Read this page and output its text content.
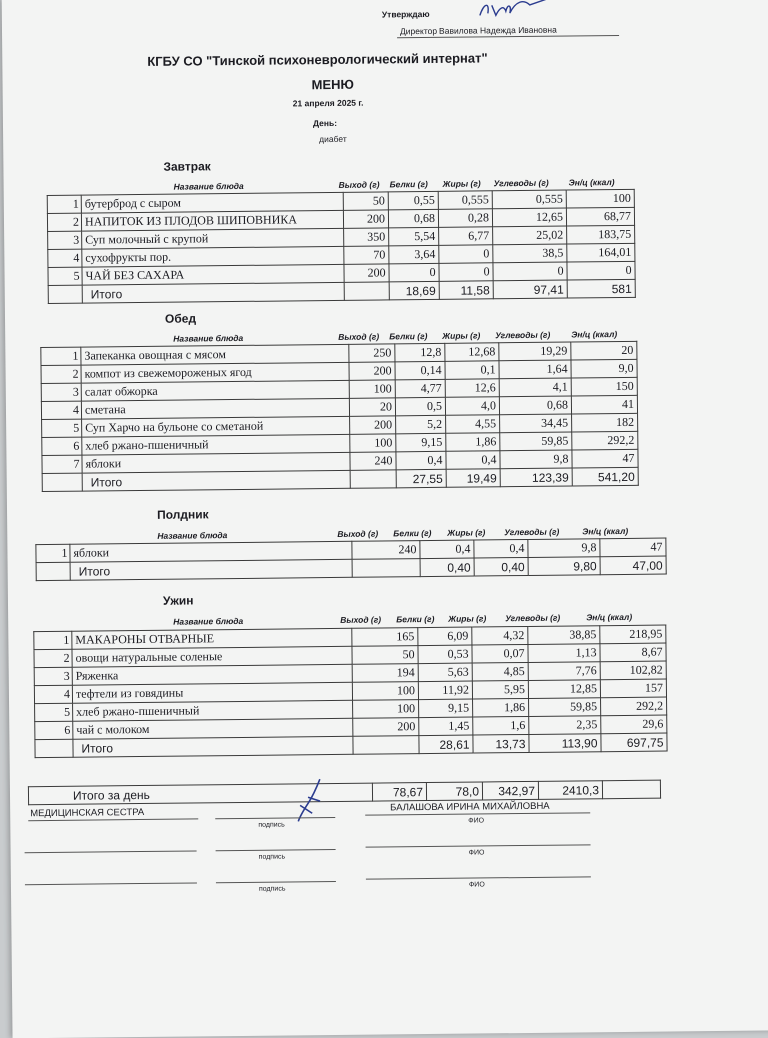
Утверждаю
Директор Вавилова Надежда Ивановна
КГБУ СО "Тинской психоневрологический интернат"
МЕНЮ
21 апреля 2025 г.
День:
диабет
Завтрак
Название блюда	Выход (г) Белки (г) Жиры (г) Углеводы (г) Эн/ц (ккал)
1	бутерброд с сыром	50	0,55	0,555	0,555	100
2	НАПИТОК ИЗ ПЛОДОВ ШИПОВНИКА	200	0,68	0,28	12,65	68,77
3	Суп молочный с крупой	350	5,54	6,77	25,02	183,75
4	сухофрукты пор.	70	3,64	0	38,5	164,01
5	ЧАЙ БЕЗ САХАРА	200	0	0	0	0
	Итого		18,69	11,58	97,41	581
Обед
Название блюда	Выход (г) Белки (г) Жиры (г) Углеводы (г) Эн/ц (ккал)
1	Запеканка овощная с мясом	250	12,8	12,68	19,29	20
2	компот из свежемороженых ягод	200	0,14	0,1	1,64	9,0
3	салат обжорка	100	4,77	12,6	4,1	150
4	сметана	20	0,5	4,0	0,68	41
5	Суп Харчо на бульоне со сметаной	200	5,2	4,55	34,45	182
6	хлеб ржано-пшеничный	100	9,15	1,86	59,85	292,2
7	яблоки	240	0,4	0,4	9,8	47
	Итого		27,55	19,49	123,39	541,20
Полдник
Название блюда	Выход (г) Белки (г) Жиры (г) Углеводы (г)	Эн/ц (ккал)
1	яблоки	240	0,4	0,4	9,8	47
	Итого		0,40	0,40	9,80	47,00
Ужин
Название блюда	Выход (г) Белки (г) Жиры (г) Углеводы (г)	Эн/ц (ккал)
1	МАКАРОНЫ ОТВАРНЫЕ	165	6,09	4,32	38,85	218,95
2	овощи натуральные соленые	50	0,53	0,07	1,13	8,67
3	Ряженка	194	5,63	4,85	7,76	102,82
4	тефтели из говядины	100	11,92	5,95	12,85	157
5	хлеб ржано-пшеничный	100	9,15	1,86	59,85	292,2
6	чай с молоком	200	1,45	1,6	2,35	29,6
	Итого		28,61	13,73	113,90	697,75
Итого за день	78,67	78,0	342,97	2410,3	
МЕДИЦИНСКАЯ СЕСТРА	БАЛАШОВА ИРИНА МИХАЙЛОВНА
подпись
ФИО
подпись
ФИО
подпись
ФИО
